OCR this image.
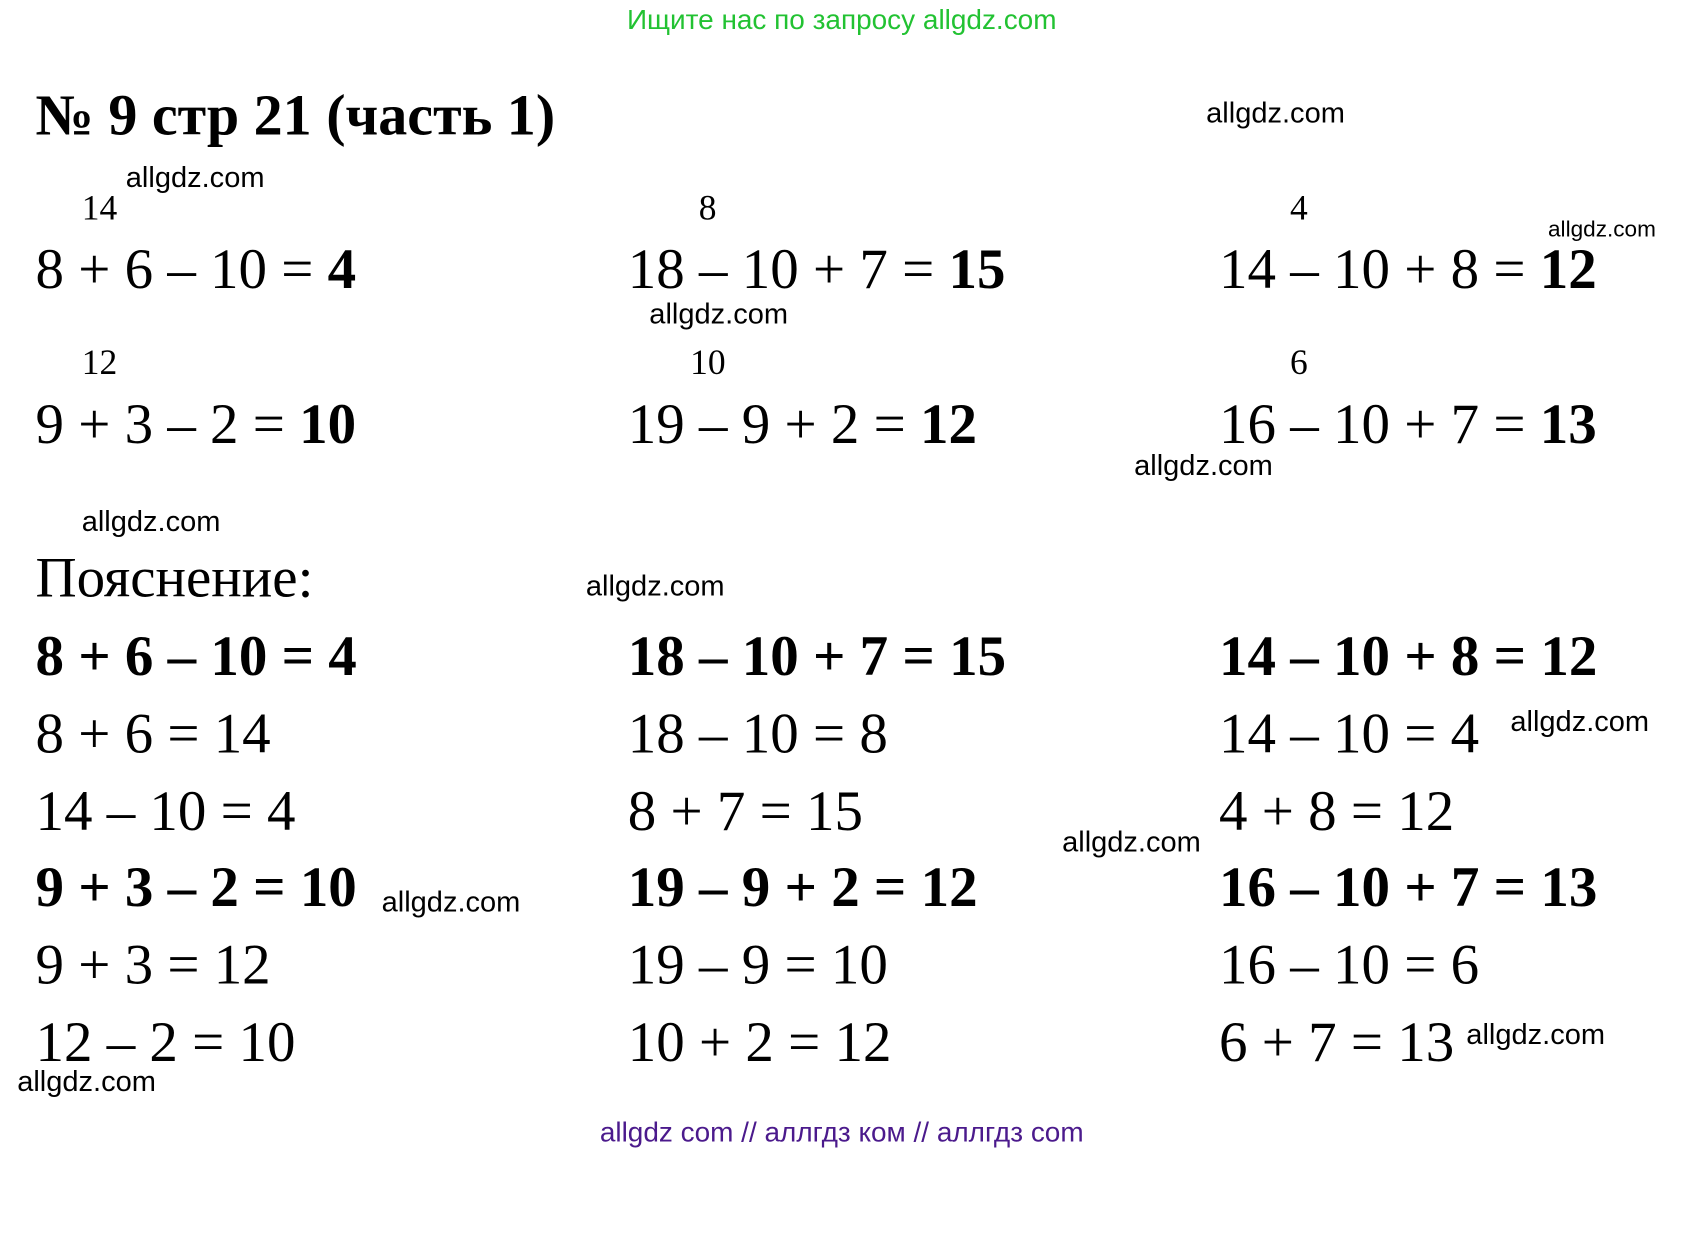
Ищите нас по запросу allgdz.com
№ 9 стр 21 (часть 1)
14
8 + 6 – 10 = 4
8
18 – 10 + 7 = 15
4
14 – 10 + 8 = 12
12
9 + 3 – 2 = 10
10
19 – 9 + 2 = 12
6
16 – 10 + 7 = 13
Пояснение:
8 + 6 – 10 = 4
8 + 6 = 14
14 – 10 = 4
18 – 10 + 7 = 15
18 – 10 = 8
8 + 7 = 15
14 – 10 + 8 = 12
14 – 10 = 4
4 + 8 = 12
9 + 3 – 2 = 10
9 + 3 = 12
12 – 2 = 10
19 – 9 + 2 = 12
19 – 9 = 10
10 + 2 = 12
16 – 10 + 7 = 13
16 – 10 = 6
6 + 7 = 13
allgdz.com
allgdz.com
allgdz.com
allgdz.com
allgdz.com
allgdz.com
allgdz.com
allgdz.com
allgdz.com
allgdz.com
allgdz.com
allgdz.com
allgdz com // аллгдз ком // аллгдз com
